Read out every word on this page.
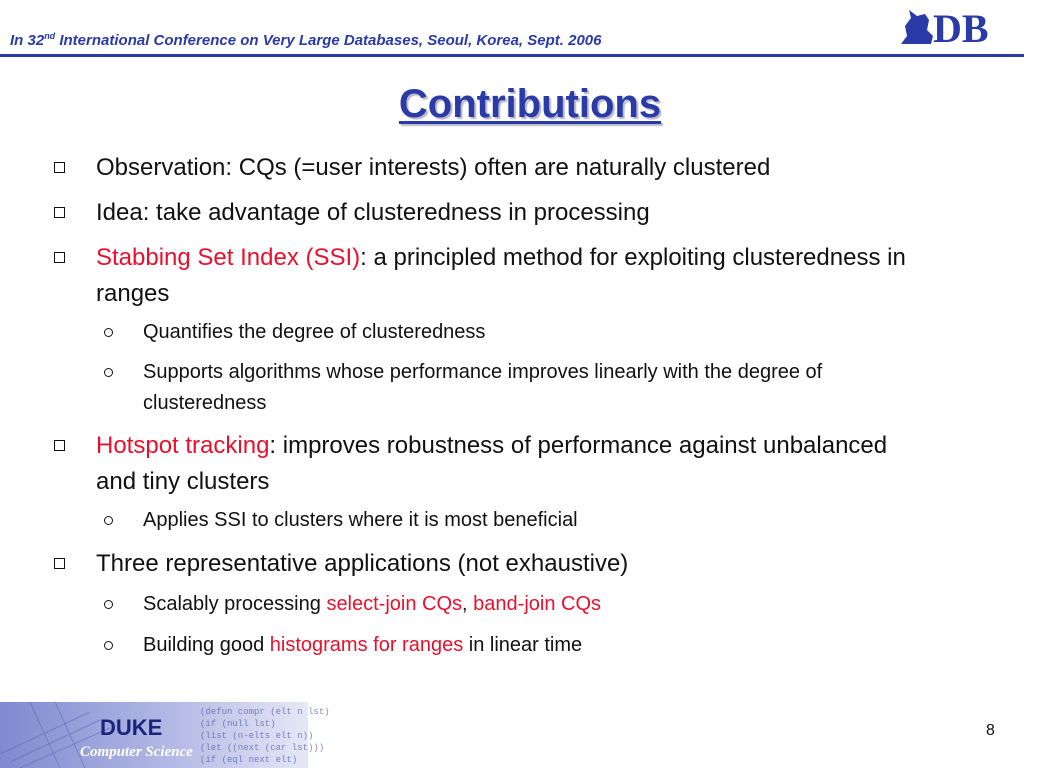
In 32nd International Conference on Very Large Databases, Seoul, Korea, Sept. 2006	DB
Contributions
Observation: CQs (=user interests) often are naturally clustered
Idea: take advantage of clusteredness in processing
Stabbing Set Index (SSI): a principled method for exploiting clusteredness in ranges
Quantifies the degree of clusteredness
Supports algorithms whose performance improves linearly with the degree of clusteredness
Hotspot tracking: improves robustness of performance against unbalanced and tiny clusters
Applies SSI to clusters where it is most beneficial
Three representative applications (not exhaustive)
Scalably processing select-join CQs, band-join CQs
Building good histograms for ranges in linear time
(defun compr (elt n lst)
(if (null lst)
(list (n-elts elt n))
(let ((next (car lst)))
(if (eql next elt)
DUKE
Computer Science
8
